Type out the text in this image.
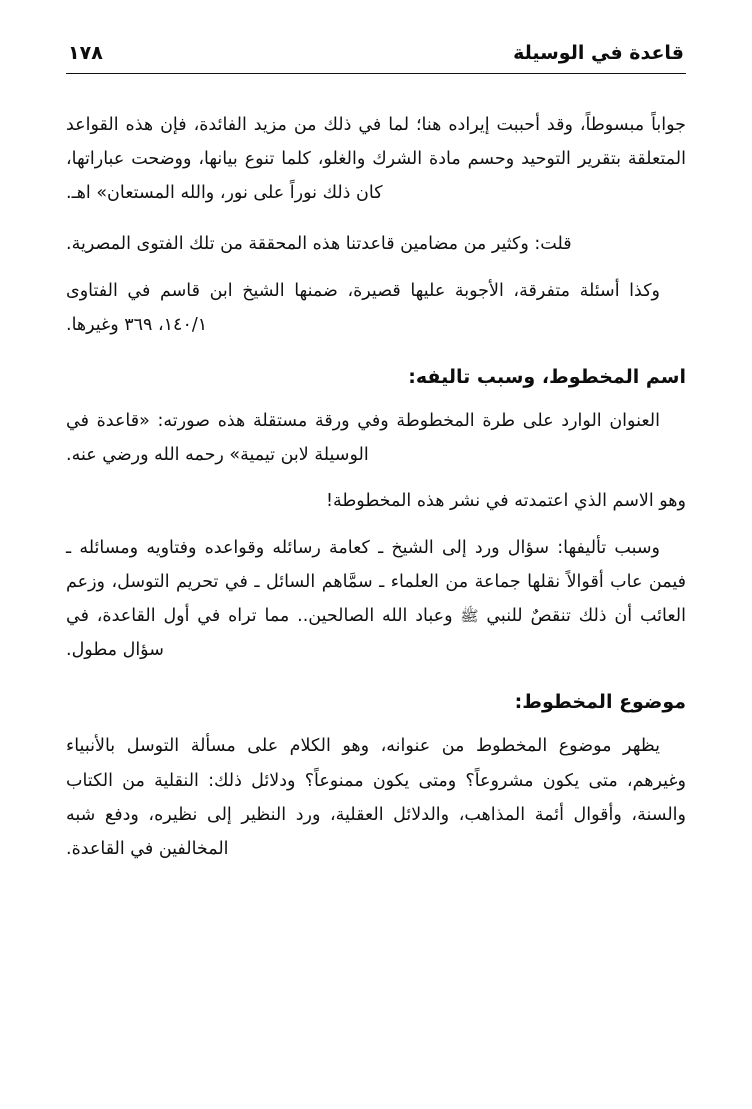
قاعدة في الوسيلة
١٧٨

جواباً مبسوطاً، وقد أحببت إيراده هنا؛ لما في ذلك من مزيد الفائدة، فإن هذه القواعد المتعلقة بتقرير التوحيد وحسم مادة الشرك والغلو، كلما تنوع بيانها، ووضحت عباراتها، كان ذلك نوراً على نور، والله المستعان» اهـ.

قلت: وكثير من مضامين قاعدتنا هذه المحققة من تلك الفتوى المصرية.

وكذا أسئلة متفرقة، الأجوبة عليها قصيرة، ضمنها الشيخ ابن قاسم في الفتاوى ١٤٠/١، ٣٦٩ وغيرها.

اسم المخطوط، وسبب تاليفه:

العنوان الوارد على طرة المخطوطة وفي ورقة مستقلة هذه صورته: «قاعدة في الوسيلة لابن تيمية» رحمه الله ورضي عنه.

وهو الاسم الذي اعتمدته في نشر هذه المخطوطة!

وسبب تأليفها: سؤال ورد إلى الشيخ ـ كعامة رسائله وقواعده وفتاويه ومسائله ـ فيمن عاب أقوالاً نقلها جماعة من العلماء ـ سمَّاهم السائل ـ في تحريم التوسل، وزعم العائب أن ذلك تنقصٌ للنبي ﷺ وعباد الله الصالحين.. مما تراه في أول القاعدة، في سؤال مطول.

موضوع المخطوط:

يظهر موضوع المخطوط من عنوانه، وهو الكلام على مسألة التوسل بالأنبياء وغيرهم، متى يكون مشروعاً؟ ومتى يكون ممنوعاً؟ ودلائل ذلك: النقلية من الكتاب والسنة، وأقوال أئمة المذاهب، والدلائل العقلية، ورد النظير إلى نظيره، ودفع شبه المخالفين في القاعدة.
